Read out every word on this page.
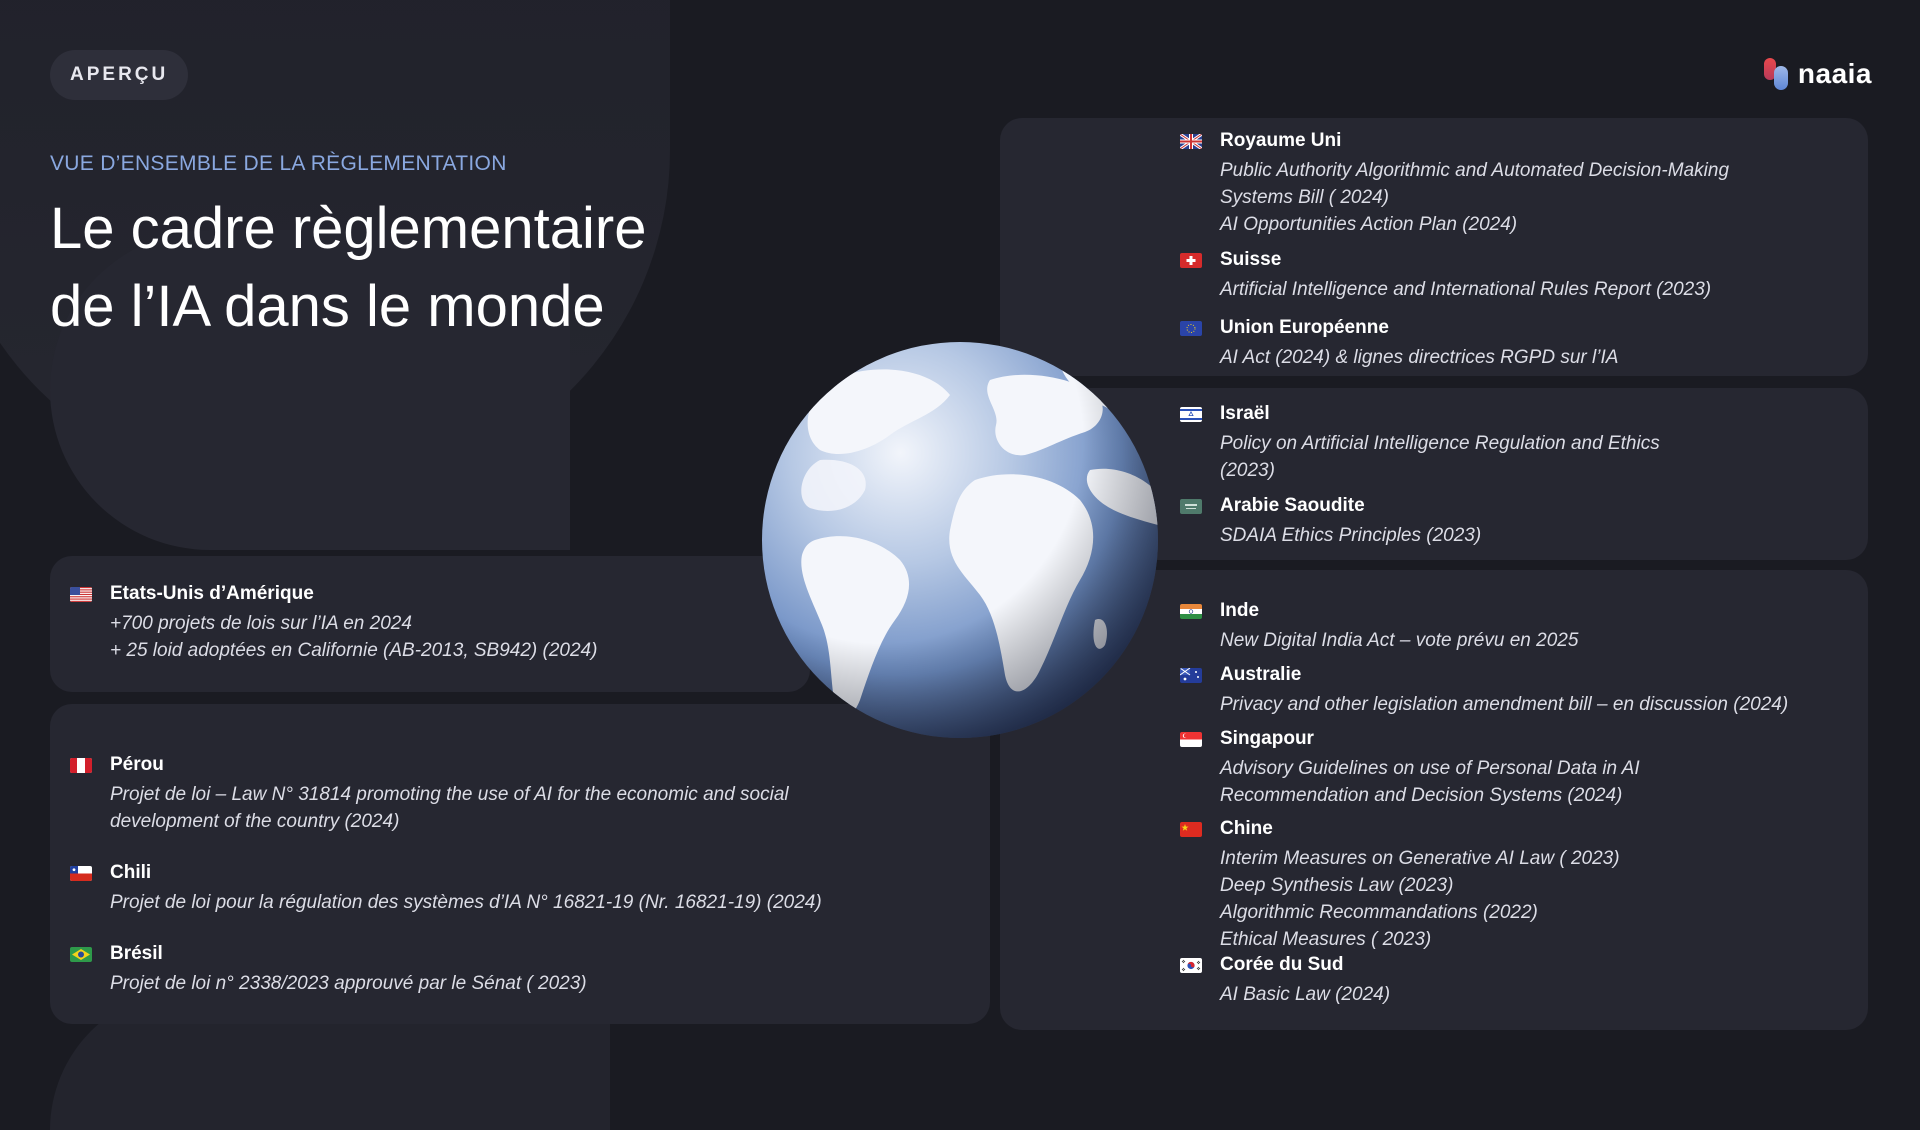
APERÇU	naaia
VUE D’ENSEMBLE DE LA RÈGLEMENTATION
Le cadre règlementaire
de l’IA dans le monde
Etats-Unis d’Amérique
+700 projets de lois sur l’IA en 2024
+ 25 loid adoptées en Californie (AB-2013, SB942) (2024)
Pérou
Projet de loi – Law N° 31814 promoting the use of AI for the economic and social
development of the country (2024)
Chili
Projet de loi pour la régulation des systèmes d’IA N° 16821-19 (Nr. 16821-19) (2024)
Brésil
Projet de loi n° 2338/2023 approuvé par le Sénat ( 2023)
Royaume Uni
Public Authority Algorithmic and Automated Decision-Making
Systems Bill ( 2024)
AI Opportunities Action Plan (2024)
Suisse
Artificial Intelligence and International Rules Report (2023)
Union Européenne
AI Act (2024) & lignes directrices RGPD sur l’IA
Israël
Policy on Artificial Intelligence Regulation and Ethics
(2023)
Arabie Saoudite
SDAIA Ethics Principles (2023)
Inde
New Digital India Act – vote prévu en 2025
Australie
Privacy and other legislation amendment bill – en discussion (2024)
Singapour
Advisory Guidelines on use of Personal Data in AI
Recommendation and Decision Systems (2024)
Chine
Interim Measures on Generative AI Law ( 2023)
Deep Synthesis Law (2023)
Algorithmic Recommandations (2022)
Ethical Measures ( 2023)
Corée du Sud
AI Basic Law (2024)
